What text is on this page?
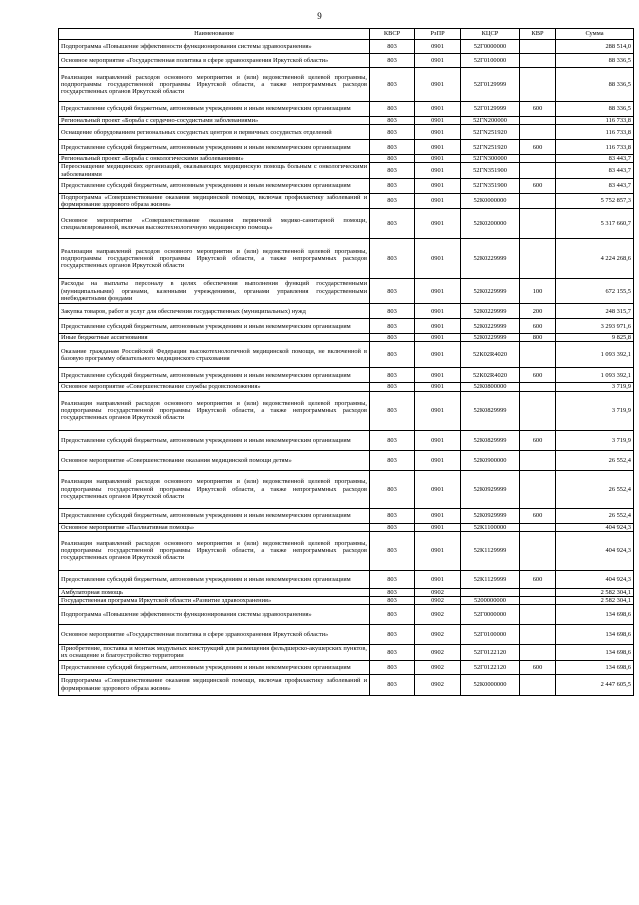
9
Наименование	КВСР	РзПР	КЦСР	КВР	Сумма
Подпрограмма «Повышение эффективности функционирования системы здравоохранения»	803	0901	52Г0000000		288 514,0
Основное мероприятие «Государственная политика в сфере здравоохранения Иркутской области»	803	0901	52Г0100000		88 336,5
Реализация направлений расходов основного мероприятия и (или) ведомственной целевой программы, подпрограммы государственной программы Иркутской области, а также непрограммных расходов государственных органов Иркутской области	803	0901	52Г0129999		88 336,5
Предоставление субсидий бюджетным, автономным учреждениям и иным некоммерческим организациям	803	0901	52Г0129999	600	88 336,5
Региональный проект «Борьба с сердечно-сосудистыми заболеваниями»	803	0901	52ГN200000		116 733,8
Оснащение оборудованием региональных сосудистых центров и первичных сосудистых отделений	803	0901	52ГN251920		116 733,8
Предоставление субсидий бюджетным, автономным учреждениям и иным некоммерческим организациям	803	0901	52ГN251920	600	116 733,8
Региональный проект «Борьба с онкологическими заболеваниями»	803	0901	52ГN300000		83 443,7
Переоснащение медицинских организаций, оказывающих медицинскую помощь больным с онкологическими заболеваниями	803	0901	52ГN351900		83 443,7
Предоставление субсидий бюджетным, автономным учреждениям и иным некоммерческим организациям	803	0901	52ГN351900	600	83 443,7
Подпрограмма «Совершенствование оказания медицинской помощи, включая профилактику заболеваний и формирование здорового образа жизни»	803	0901	52К0000000		5 752 857,3
Основное мероприятие «Совершенствование оказания первичной медико-санитарной помощи, специализированной, включая высокотехнологичную медицинскую помощь»	803	0901	52К0200000		5 317 660,7
Реализация направлений расходов основного мероприятия и (или) ведомственной целевой программы, подпрограммы государственной программы Иркутской области, а также непрограммных расходов государственных органов Иркутской области	803	0901	52К0229999		4 224 268,6
Расходы на выплаты персоналу в целях обеспечения выполнения функций государственными (муниципальными) органами, казенными учреждениями, органами управления государственными внебюджетными фондами	803	0901	52К0229999	100	672 155,5
Закупка товаров, работ и услуг для обеспечения государственных (муниципальных) нужд	803	0901	52К0229999	200	248 315,7
Предоставление субсидий бюджетным, автономным учреждениям и иным некоммерческим организациям	803	0901	52К0229999	600	3 293 971,6
Иные бюджетные ассигнования	803	0901	52К0229999	800	9 825,8
Оказание гражданам Российской Федерации высокотехнологичной медицинской помощи, не включенной в базовую программу обязательного медицинского страхования	803	0901	52К02R4020		1 093 392,1
Предоставление субсидий бюджетным, автономным учреждениям и иным некоммерческим организациям	803	0901	52К02R4020	600	1 093 392,1
Основное мероприятие «Совершенствование службы родовспоможения»	803	0901	52К0800000		3 719,9
Реализация направлений расходов основного мероприятия и (или) ведомственной целевой программы, подпрограммы государственной программы Иркутской области, а также непрограммных расходов государственных органов Иркутской области	803	0901	52К0829999		3 719,9
Предоставление субсидий бюджетным, автономным учреждениям и иным некоммерческим организациям	803	0901	52К0829999	600	3 719,9
Основное мероприятие «Совершенствование оказания медицинской помощи детям»	803	0901	52К0900000		26 552,4
Реализация направлений расходов основного мероприятия и (или) ведомственной целевой программы, подпрограммы государственной программы Иркутской области, а также непрограммных расходов государственных органов Иркутской области	803	0901	52К0929999		26 552,4
Предоставление субсидий бюджетным, автономным учреждениям и иным некоммерческим организациям	803	0901	52К0929999	600	26 552,4
Основное мероприятие «Паллиативная помощь»	803	0901	52К1100000		404 924,3
Реализация направлений расходов основного мероприятия и (или) ведомственной целевой программы, подпрограммы государственной программы Иркутской области, а также непрограммных расходов государственных органов Иркутской области	803	0901	52К1129999		404 924,3
Предоставление субсидий бюджетным, автономным учреждениям и иным некоммерческим организациям	803	0901	52К1129999	600	404 924,3
Амбулаторная помощь	803	0902			2 582 304,1
Государственная программа Иркутской области «Развитие здравоохранения»	803	0902	5200000000		2 582 304,1
Подпрограмма «Повышение эффективности функционирования системы здравоохранения»	803	0902	52Г0000000		134 698,6
Основное мероприятие «Государственная политика в сфере здравоохранения Иркутской области»	803	0902	52Г0100000		134 698,6
Приобретение, поставка и монтаж модульных конструкций для размещения фельдшерско-акушерских пунктов, их оснащение и благоустройство территории	803	0902	52Г0122120		134 698,6
Предоставление субсидий бюджетным, автономным учреждениям и иным некоммерческим организациям	803	0902	52Г0122120	600	134 698,6
Подпрограмма «Совершенствование оказания медицинской помощи, включая профилактику заболеваний и формирование здорового образа жизни»	803	0902	52К0000000		2 447 605,5
